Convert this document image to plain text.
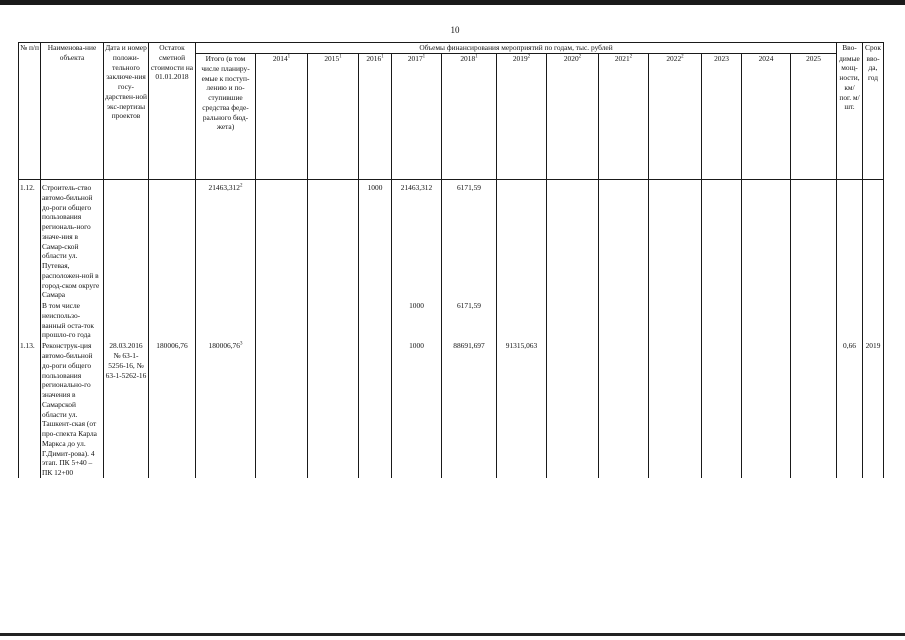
10
№ п/п	Наименова-ние объекта	Дата и номер положи-тельного заключе-ния госу-дарствен-ной экс-пертизы проектов	Остаток сметной стоимости на 01.01.2018	Объемы финансирования мероприятий по годам, тыс. рублей													Вво-	Срок
				Итого (в том числе планиру-емые к поступ-лению и по-ступившие средства феде-рального бюд-жета)	2014$^1$	2015$^1$	2016$^1$	2017$^1$	2018$^1$	2019$^2$	2020$^2$	2021$^2$	2022$^2$	2023	2024	2025	димые мощ-ности, км/ пог. м/шт.	вво-да, год
1.12.	Строитель-ство автомо-бильной до-роги общего пользования региональ-ного значе-ния в Самар-ской области ул. Путевая, расположен-ной в город-ском округе Самара			21463,312$^2$			1000	21463,312	6171,59									
	В том числе неиспользо-ванный оста-ток прошло-го года							1000	6171,59									
1.13.	Реконструк-ция автомо-бильной до-роги общего пользования регионально-го значения в Самарской области ул. Ташкент-ская (от про-спекта Карла Маркса до ул. Г.Димит-рова). 4 этап. ПК 5+40 – ПК 12+00	28.03.2016 № 63-1-5256-16, № 63-1-5262-16	180006,76	180006,76$^3$				1000	88691,697	91315,063							0,66	2019
